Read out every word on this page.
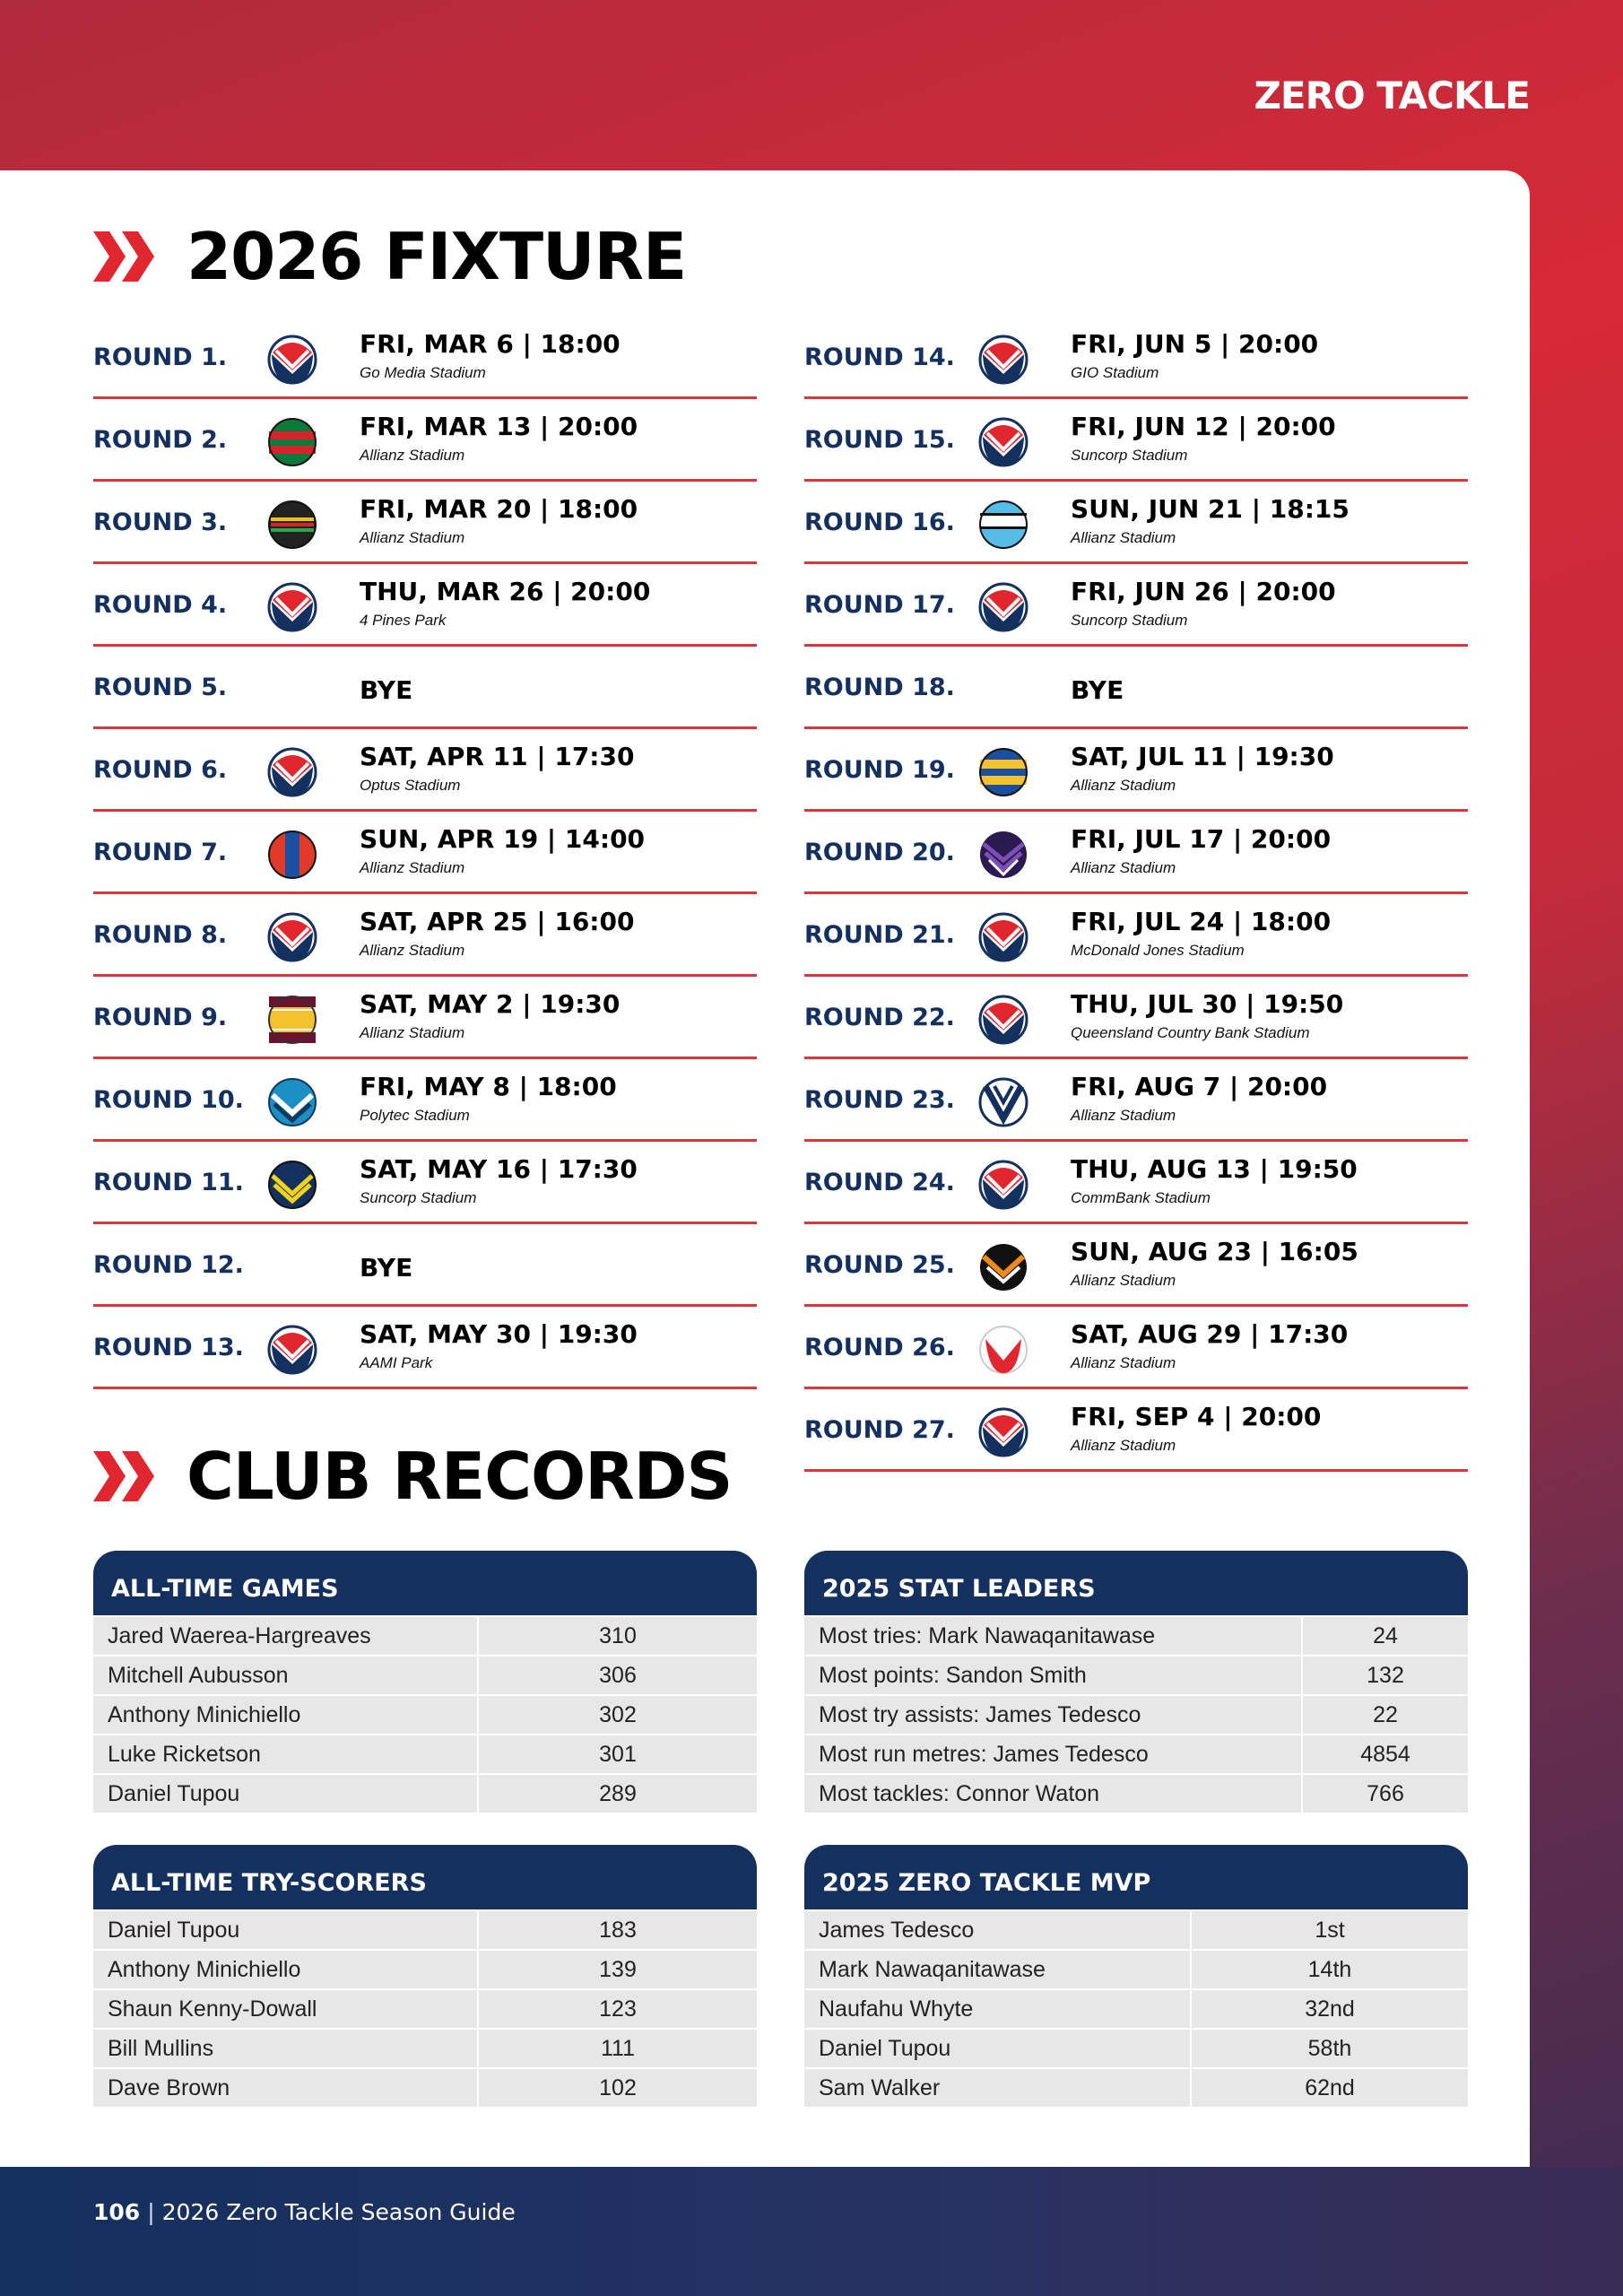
ZERO TACKLE
2026 FIXTURE
ROUND 1.	FRI, MAR 6 | 18:00
Go Media Stadium
ROUND 2.	FRI, MAR 13 | 20:00
Allianz Stadium
ROUND 3.	FRI, MAR 20 | 18:00
Allianz Stadium
ROUND 4.	THU, MAR 26 | 20:00
4 Pines Park
ROUND 5.	BYE
ROUND 6.	SAT, APR 11 | 17:30
Optus Stadium
ROUND 7.	SUN, APR 19 | 14:00
Allianz Stadium
ROUND 8.	SAT, APR 25 | 16:00
Allianz Stadium
ROUND 9.	SAT, MAY 2 | 19:30
Allianz Stadium
ROUND 10.	FRI, MAY 8 | 18:00
Polytec Stadium
ROUND 11.	SAT, MAY 16 | 17:30
Suncorp Stadium
ROUND 12.	BYE
ROUND 13.	SAT, MAY 30 | 19:30
AAMI Park
ROUND 14.	FRI, JUN 5 | 20:00
GIO Stadium
ROUND 15.	FRI, JUN 12 | 20:00
Suncorp Stadium
ROUND 16.	SUN, JUN 21 | 18:15
Allianz Stadium
ROUND 17.	FRI, JUN 26 | 20:00
Suncorp Stadium
ROUND 18.	BYE
ROUND 19.	SAT, JUL 11 | 19:30
Allianz Stadium
ROUND 20.	FRI, JUL 17 | 20:00
Allianz Stadium
ROUND 21.	FRI, JUL 24 | 18:00
McDonald Jones Stadium
ROUND 22.	THU, JUL 30 | 19:50
Queensland Country Bank Stadium
ROUND 23.	FRI, AUG 7 | 20:00
Allianz Stadium
ROUND 24.	THU, AUG 13 | 19:50
CommBank Stadium
ROUND 25.	SUN, AUG 23 | 16:05
Allianz Stadium
ROUND 26.	SAT, AUG 29 | 17:30
Allianz Stadium
ROUND 27.	FRI, SEP 4 | 20:00
Allianz Stadium
CLUB RECORDS
ALL-TIME GAMES
Jared Waerea-Hargreaves	310
Mitchell Aubusson	306
Anthony Minichiello	302
Luke Ricketson	301
Daniel Tupou	289
2025 STAT LEADERS
Most tries: Mark Nawaqanitawase	24
Most points: Sandon Smith	132
Most try assists: James Tedesco	22
Most run metres: James Tedesco	4854
Most tackles: Connor Waton	766
ALL-TIME TRY-SCORERS
Daniel Tupou	183
Anthony Minichiello	139
Shaun Kenny-Dowall	123
Bill Mullins	111
Dave Brown	102
2025 ZERO TACKLE MVP
James Tedesco	1st
Mark Nawaqanitawase	14th
Naufahu Whyte	32nd
Daniel Tupou	58th
Sam Walker	62nd
106 | 2026 Zero Tackle Season Guide
